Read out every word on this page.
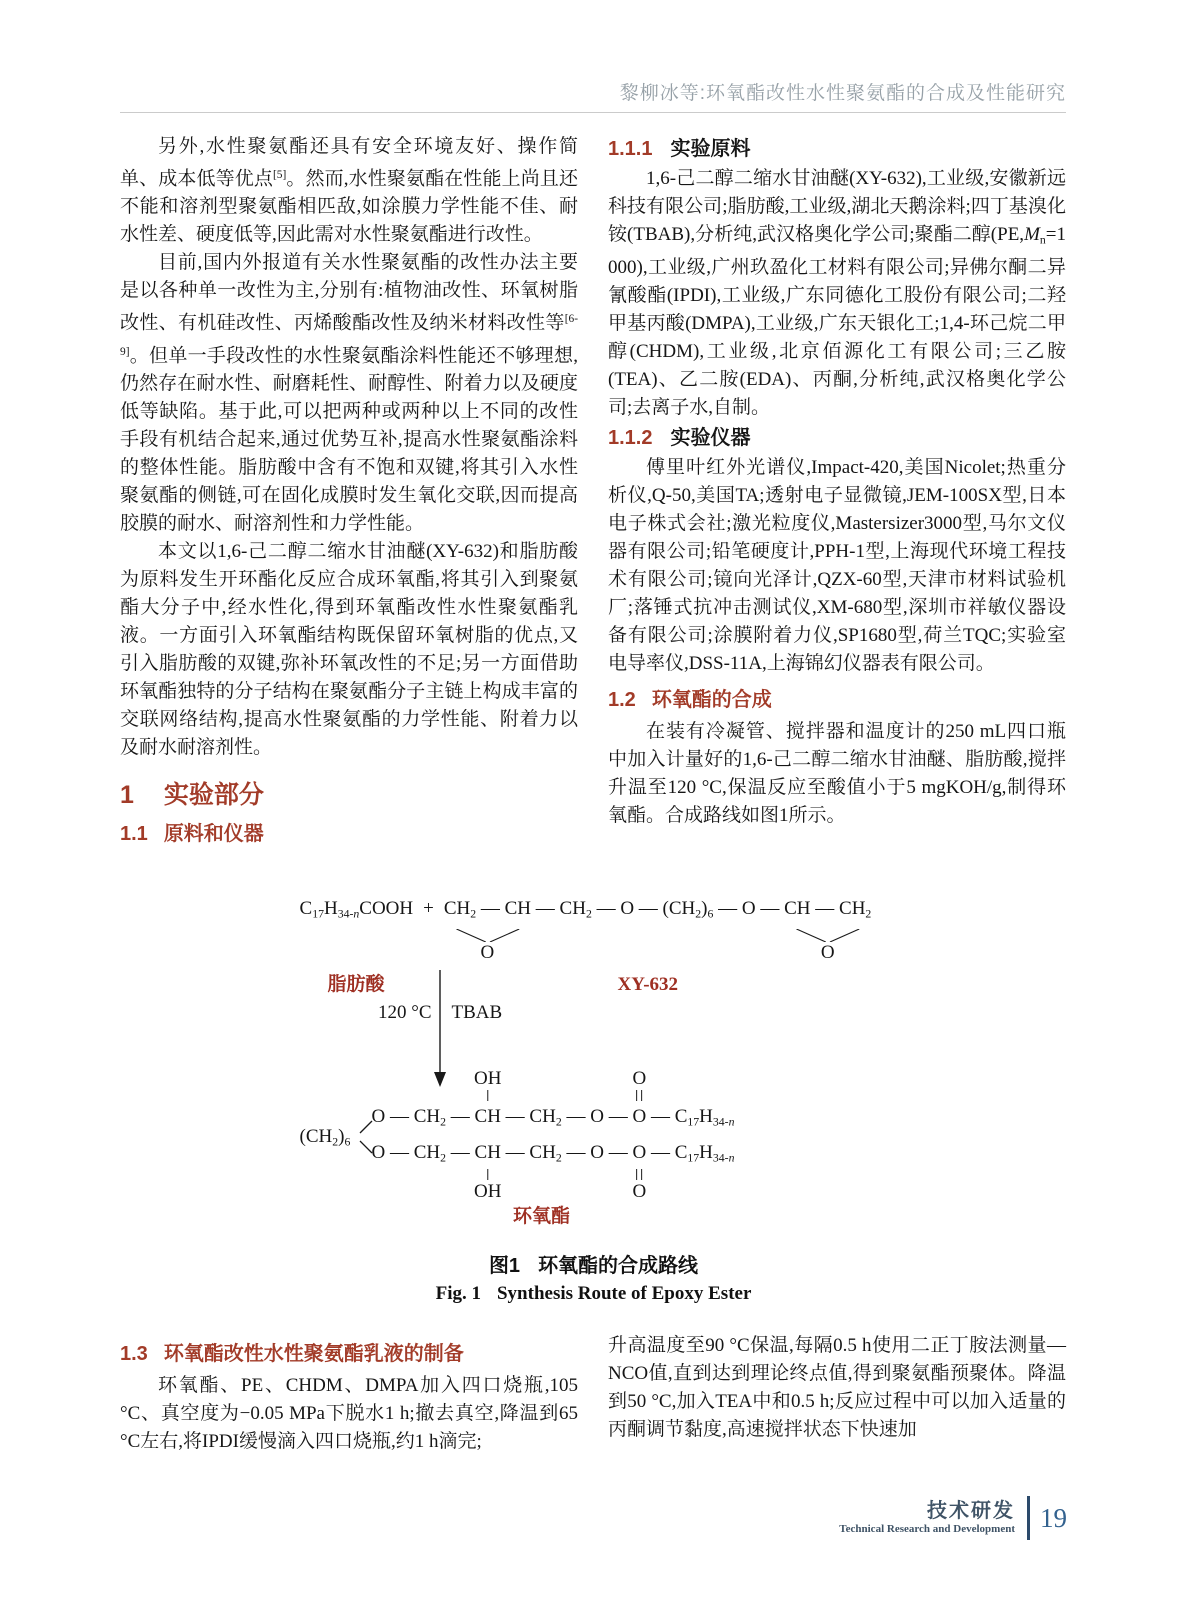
黎柳冰等:环氧酯改性水性聚氨酯的合成及性能研究

另外,水性聚氨酯还具有安全环境友好、操作简单、成本低等优点[5]。然而,水性聚氨酯在性能上尚且还不能和溶剂型聚氨酯相匹敌,如涂膜力学性能不佳、耐水性差、硬度低等,因此需对水性聚氨酯进行改性。

目前,国内外报道有关水性聚氨酯的改性办法主要是以各种单一改性为主,分别有:植物油改性、环氧树脂改性、有机硅改性、丙烯酸酯改性及纳米材料改性等[6-9]。但单一手段改性的水性聚氨酯涂料性能还不够理想,仍然存在耐水性、耐磨耗性、耐醇性、附着力以及硬度低等缺陷。基于此,可以把两种或两种以上不同的改性手段有机结合起来,通过优势互补,提高水性聚氨酯涂料的整体性能。脂肪酸中含有不饱和双键,将其引入水性聚氨酯的侧链,可在固化成膜时发生氧化交联,因而提高胶膜的耐水、耐溶剂性和力学性能。

本文以1,6-己二醇二缩水甘油醚(XY-632)和脂肪酸为原料发生开环酯化反应合成环氧酯,将其引入到聚氨酯大分子中,经水性化,得到环氧酯改性水性聚氨酯乳液。一方面引入环氧酯结构既保留环氧树脂的优点,又引入脂肪酸的双键,弥补环氧改性的不足;另一方面借助环氧酯独特的分子结构在聚氨酯分子主链上构成丰富的交联网络结构,提高水性聚氨酯的力学性能、附着力以及耐水耐溶剂性。

1 实验部分
1.1 原料和仪器
1.1.1 实验原料

1,6-己二醇二缩水甘油醚(XY-632),工业级,安徽新远科技有限公司;脂肪酸,工业级,湖北天鹅涂料;四丁基溴化铵(TBAB),分析纯,武汉格奥化学公司;聚酯二醇(PE,Mn=1 000),工业级,广州玖盈化工材料有限公司;异佛尔酮二异氰酸酯(IPDI),工业级,广东同德化工股份有限公司;二羟甲基丙酸(DMPA),工业级,广东天银化工;1,4-环己烷二甲醇(CHDM),工业级,北京佰源化工有限公司;三乙胺(TEA)、乙二胺(EDA)、丙酮,分析纯,武汉格奥化学公司;去离子水,自制。

1.1.2 实验仪器

傅里叶红外光谱仪,Impact-420,美国Nicolet;热重分析仪,Q-50,美国TA;透射电子显微镜,JEM-100SX型,日本电子株式会社;激光粒度仪,Mastersizer3000型,马尔文仪器有限公司;铅笔硬度计,PPH-1型,上海现代环境工程技术有限公司;镜向光泽计,QZX-60型,天津市材料试验机厂;落锤式抗冲击测试仪,XM-680型,深圳市祥敏仪器设备有限公司;涂膜附着力仪,SP1680型,荷兰TQC;实验室电导率仪,DSS-11A,上海锦幻仪器表有限公司。

1.2 环氧酯的合成

在装有冷凝管、搅拌器和温度计的250 mL四口瓶中加入计量好的1,6-己二醇二缩水甘油醚、脂肪酸,搅拌升温至120 °C,保温反应至酸值小于5 mgKOH/g,制得环氧酯。合成路线如图1所示。

C17H34-nCOOH + CH2 — CH
O
— CH2 — O — (CH2)6 — O — CH — CH2
O
脂肪酸	XY-632
120 °C TBAB
(CH2)6
O — CH2 —
OH
CH — CH2 — O —
O
O — C17H34-n
O — CH2 —
OH
CH — CH2 — O —
O
O — C17H34-n
环氧酯
图1 环氧酯的合成路线
Fig. 1 Synthesis Route of Epoxy Ester
1.3 环氧酯改性水性聚氨酯乳液的制备

环氧酯、PE、CHDM、DMPA加入四口烧瓶,105 °C、真空度为−0.05 MPa下脱水1 h;撤去真空,降温到65 °C左右,将IPDI缓慢滴入四口烧瓶,约1 h滴完;

升高温度至90 °C保温,每隔0.5 h使用二正丁胺法测量—NCO值,直到达到理论终点值,得到聚氨酯预聚体。降温到50 °C,加入TEA中和0.5 h;反应过程中可以加入适量的丙酮调节黏度,高速搅拌状态下快速加

技术研发
Technical Research and Development 19
